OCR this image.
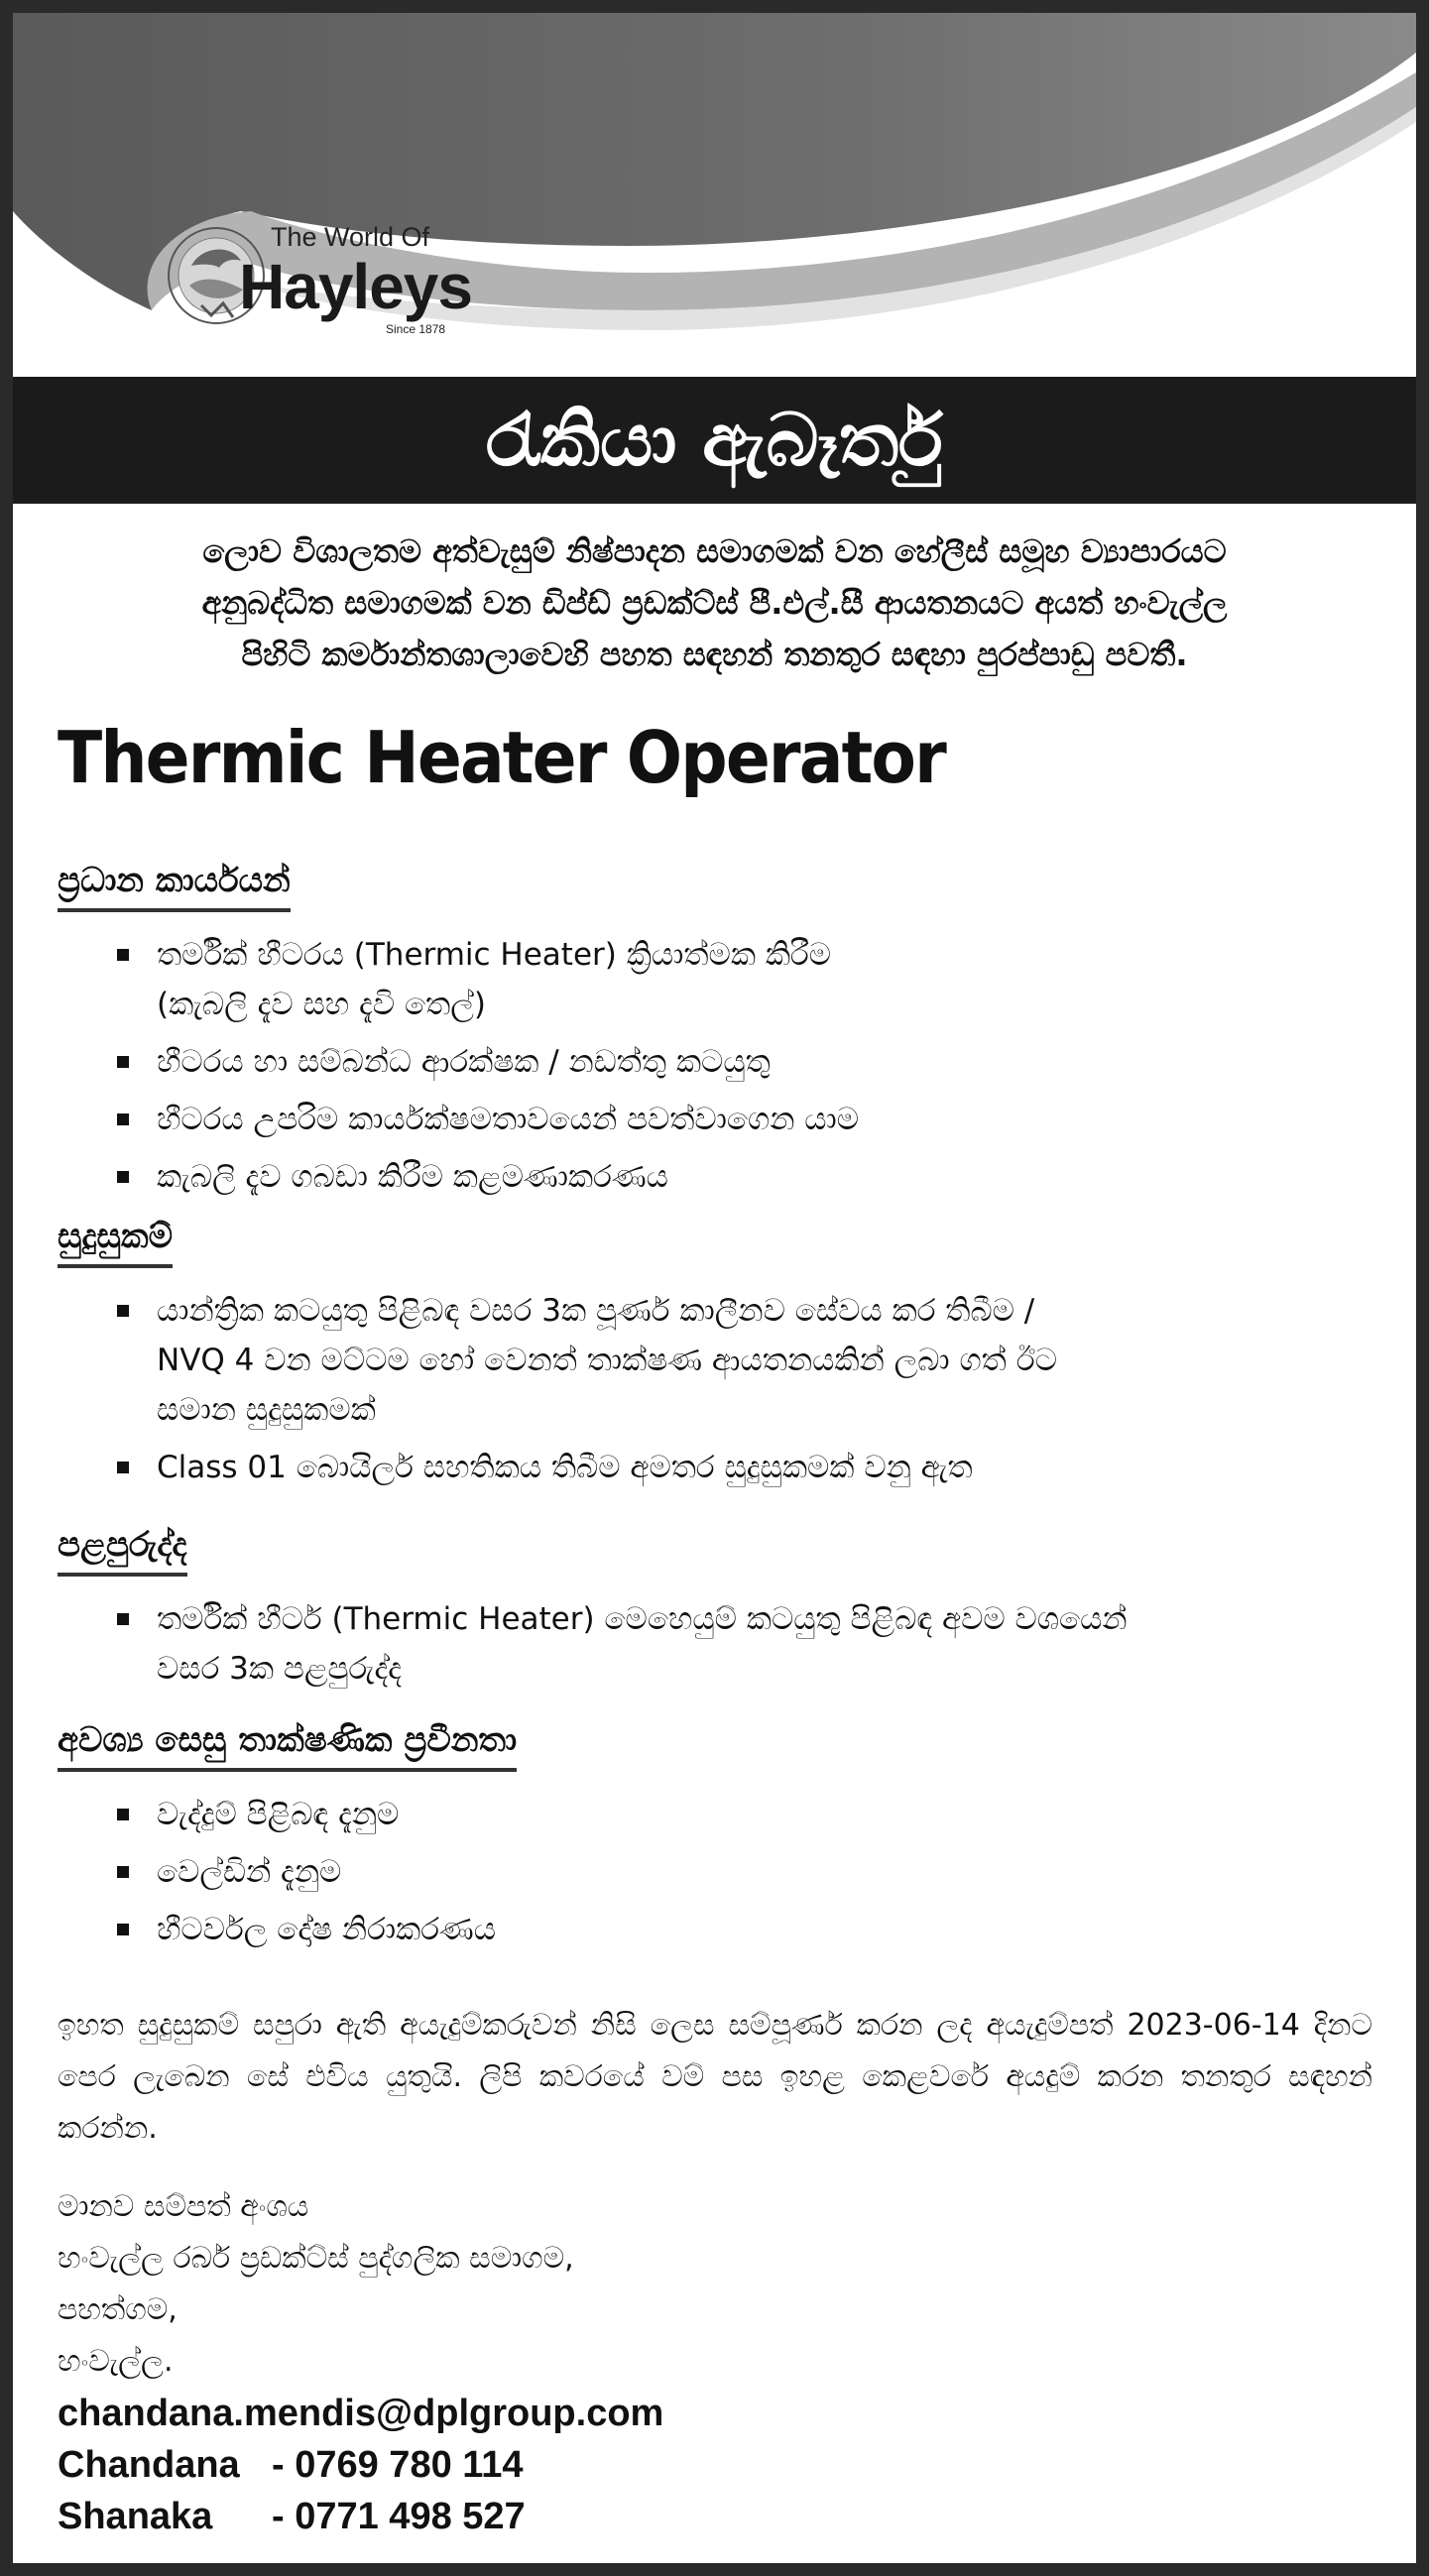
The World Of
Hayleys
Since 1878
රැකියා ඇබෑර්තු
ලොව විශාලතම අත්වැසුම් නිෂ්පාදන සමාගමක් වන හේලීස් සමූහ ව්‍යාපාරයට
අනුබද්ධිත සමාගමක් වන ඩිප්ඩ් ප්‍රඩක්ට්ස් පී.එල්.සී ආයතනයට අයත් හංවැල්ල
පිහිටි කර්මාන්තශාලාවෙහි පහත සඳහන් තනතුර සඳහා පුරප්පාඩු පවතී.
Thermic Heater Operator
ප්‍රධාන කාර්යයන්
තර්මික් හීටරය (Thermic Heater) ක්‍රියාත්මක කිරීම
(කැබලි දැව සහ දැවි තෙල්)
හීටරය හා සම්බන්ධ ආරක්ෂක / නඩත්තු කටයුතු
හීටරය උපරිම කාර්යක්ෂමතාවයෙන් පවත්වාගෙන යාම
කැබලි දැව ගබඩා කිරීම කළමණාකරණය
සුදුසුකම්
යාන්ත්‍රික කටයුතු පිළිබඳ වසර 3ක පූර්ණ කාලීනව සේවය කර තිබීම /
NVQ 4 වන මට්ටම හෝ වෙනත් තාක්ෂණ ආයතනයකින් ලබා ගත් ඊට
සමාන සුදුසුකමක්
Class 01 බොයිලර් සහතිකය තිබීම අමතර සුදුසුකමක් වනු ඇත
පළපුරුද්ද
තර්මික් හීටර් (Thermic Heater) මෙහෙයුම් කටයුතු පිළිබඳ අවම වශයෙන්
වසර 3ක පළපුරුද්ද
අවශ්‍ය සෙසු තාක්ෂණික ප්‍රවීනතා
වැද්දුම් පිළිබඳ දැනුම
වෙල්ඩින් දැනුම
හීටර්වල දෝෂ නිරාකරණය
ඉහත සුදුසුකම් සපුරා ඇති අයැදුම්කරුවන් නිසි ලෙස සම්පූර්ණ කරන ලද අයැදුම්පත් 2023-06-14 දිනට පෙර ලැබෙන සේ එවිය යුතුයි. ලිපි කවරයේ වම් පස ඉහළ කෙළවරේ අයදුම් කරන තනතුර සඳහන් කරන්න.
මානව සම්පත් අංශය
හංවැල්ල රබර් ප්‍රඩක්ට්ස් පුද්ගලික සමාගම,
පහත්ගම,
හංවැල්ල.
chandana.mendis@dplgroup.com
Chandana - 0769 780 114
Shanaka	- 0771 498 527
